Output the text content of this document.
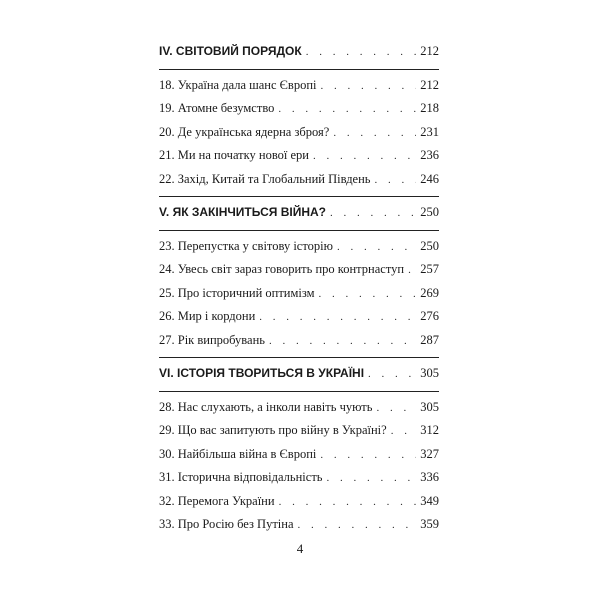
IV. СВІТОВИЙ ПОРЯДОК . . .	212
18. Україна дала шанс Європі . . .	212
19. Атомне безумство . . .	218
20. Де українська ядерна зброя? . . .	231
21. Ми на початку нової ери . . .	236
22. Захід, Китай та Глобальний Південь . . .	246
V. ЯК ЗАКІНЧИТЬСЯ ВІЙНА? . . .	250
23. Перепустка у світову історію . . .	250
24. Увесь світ зараз говорить про контрнаступ . . . 257
25. Про історичний оптимізм . . .	269
26. Мир і кордони . . .	276
27. Рік випробувань . . .	287
VI. ІСТОРІЯ ТВОРИТЬСЯ В УКРАЇНІ . . .	305
28. Нас слухають, а інколи навіть чують . . .	305
29. Що вас запитують про війну в Україні? . . .	312
30. Найбільша війна в Європі . . .	327
31. Історична відповідальність . . .	336
32. Перемога України . . .	349
33. Про Росію без Путіна . . .	359
4
